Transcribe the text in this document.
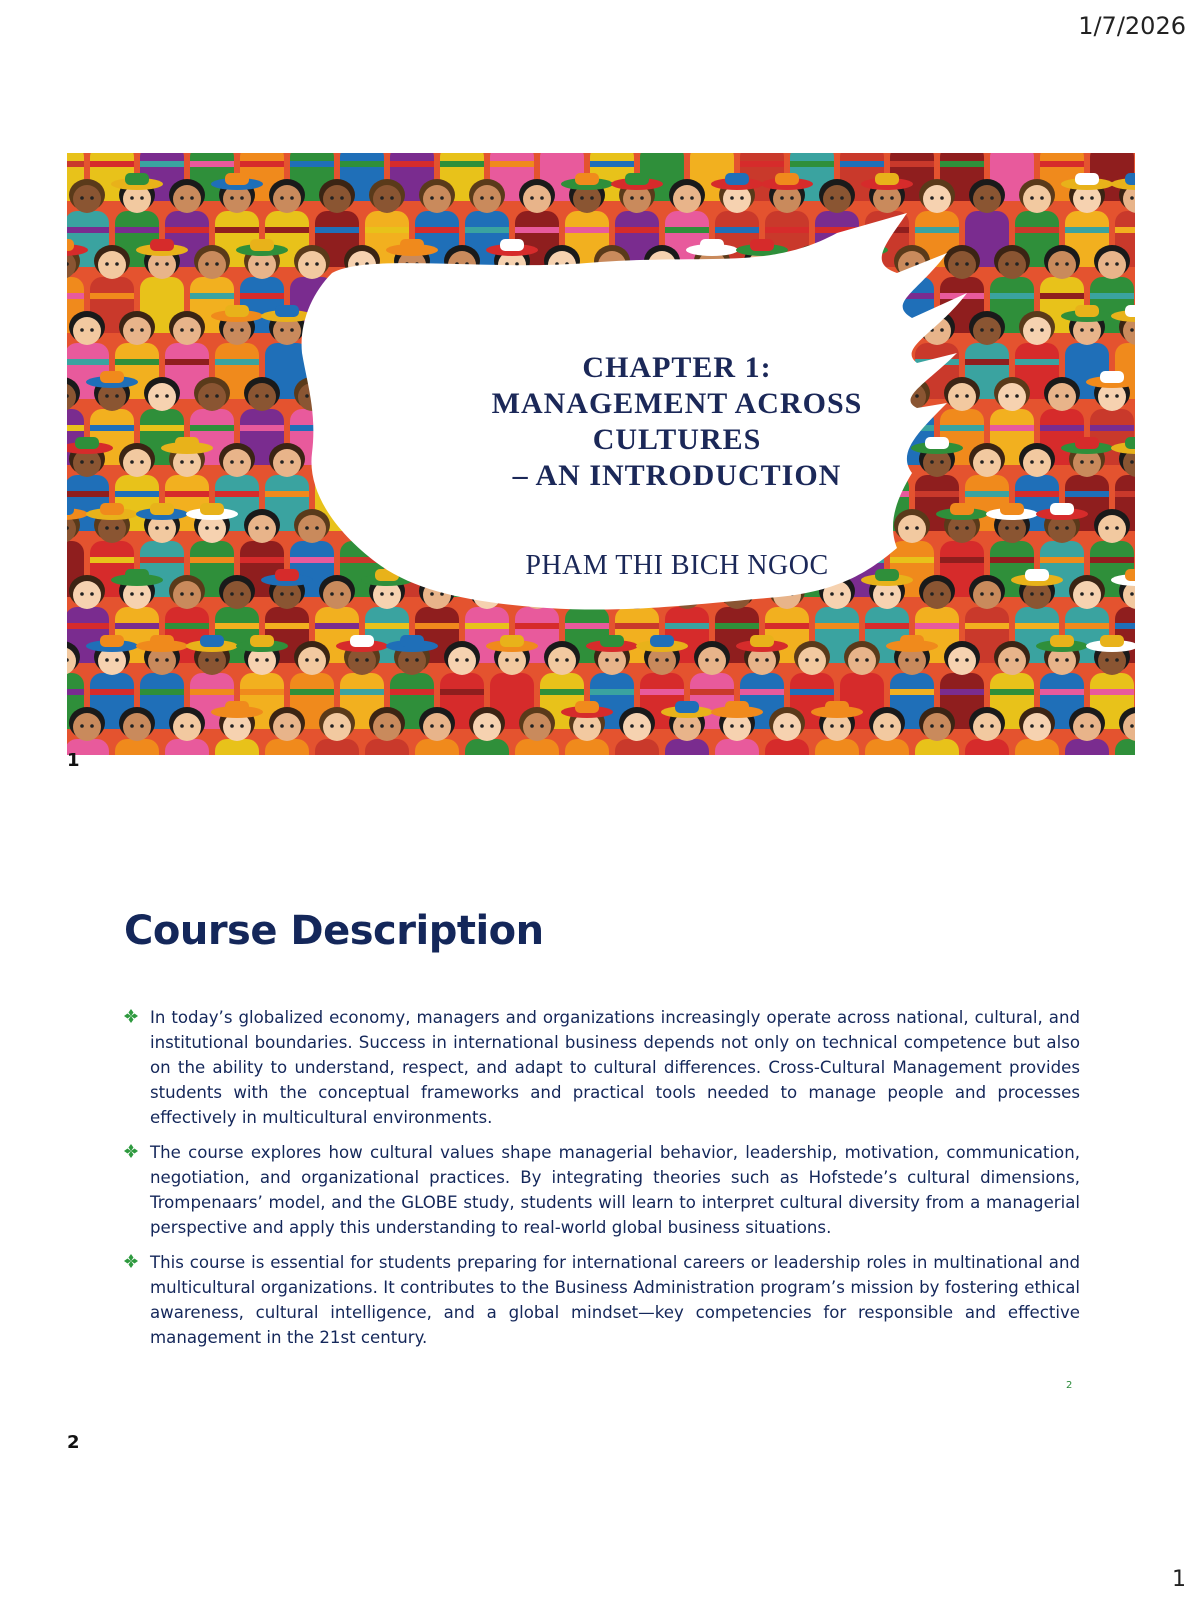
1/7/2026
CHAPTER 1:
MANAGEMENT ACROSS
CULTURES
– AN INTRODUCTION
PHAM THI BICH NGOC
1
Course Description
In today’s globalized economy, managers and organizations increasingly operate across national, cultural, and institutional boundaries. Success in international business depends not only on technical competence but also on the ability to understand, respect, and adapt to cultural differences. Cross-Cultural Management provides students with the conceptual frameworks and practical tools needed to manage people and processes effectively in multicultural environments.
The course explores how cultural values shape managerial behavior, leadership, motivation, communication, negotiation, and organizational practices. By integrating theories such as Hofstede’s cultural dimensions, Trompenaars’ model, and the GLOBE study, students will learn to interpret cultural diversity from a managerial perspective and apply this understanding to real-world global business situations.
This course is essential for students preparing for international careers or leadership roles in multinational and multicultural organizations. It contributes to the Business Administration program’s mission by fostering ethical awareness, cultural intelligence, and a global mindset—key competencies for responsible and effective management in the 21st century.
2
2
1
